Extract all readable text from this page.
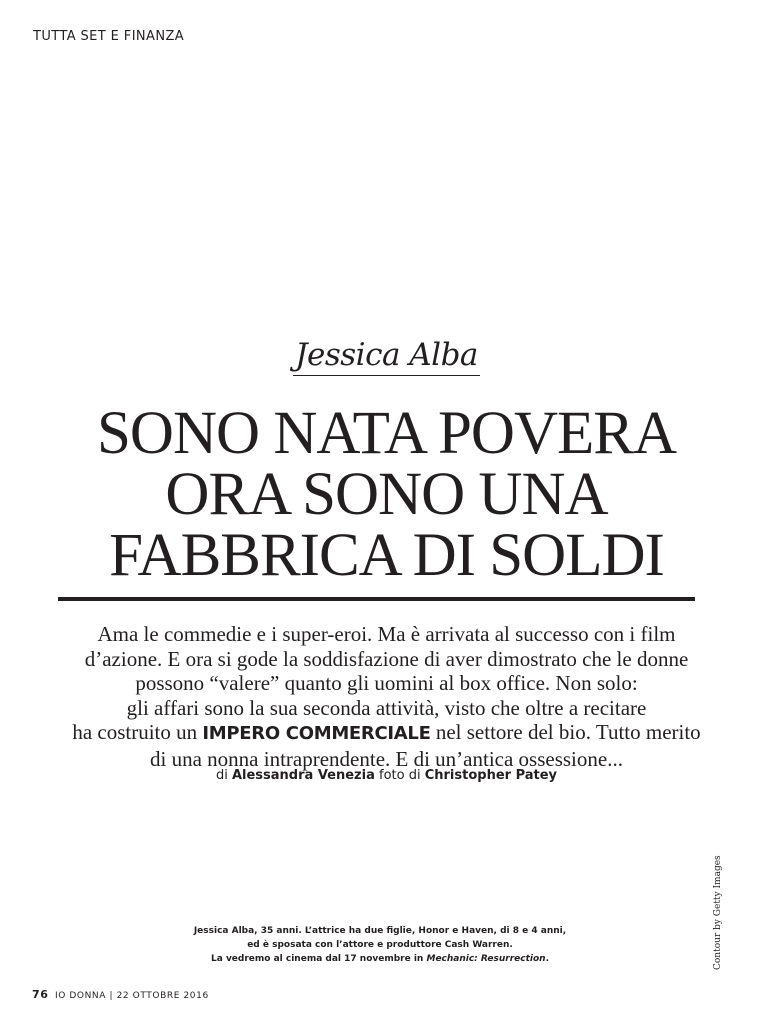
TUTTA SET E FINANZA
Jessica Alba
SONO NATA POVERA
ORA SONO UNA
FABBRICA DI SOLDI
Ama le commedie e i super-eroi. Ma è arrivata al successo con i film
d’azione. E ora si gode la soddisfazione di aver dimostrato che le donne
possono “valere” quanto gli uomini al box office. Non solo:
gli affari sono la sua seconda attività, visto che oltre a recitare
ha costruito un IMPERO COMMERCIALE nel settore del bio. Tutto merito
di una nonna intraprendente. E di un’antica ossessione...
di Alessandra Venezia foto di Christopher Patey
Contour by Getty Images
Jessica Alba, 35 anni. L’attrice ha due figlie, Honor e Haven, di 8 e 4 anni,
ed è sposata con l’attore e produttore Cash Warren.
La vedremo al cinema dal 17 novembre in Mechanic: Resurrection.
76 IO DONNA | 22 OTTOBRE 2016
